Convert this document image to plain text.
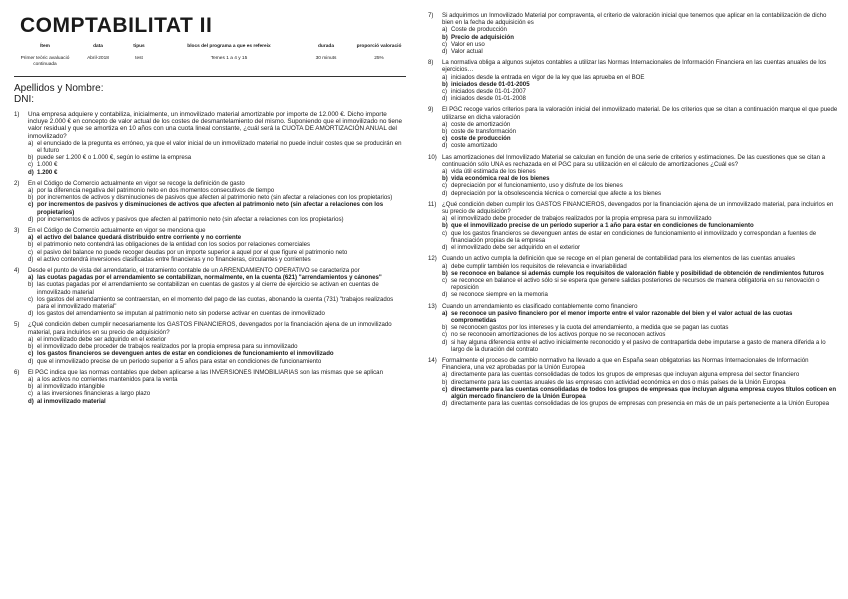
COMPTABILITAT II
Ítem	data	tipus	blocs del programa a que es refereix	durada	proporció valoració
Primer teòric avaluació continuada	Abril-2018	test	Temes 1 a 4 y 15	30 minuts	25%
Apellidos y Nombre:
DNI:
1)	Una empresa adquiere y contabiliza, inicialmente, un inmovilizado material amortizable por importe de 12.000 €. Dicho importe incluye 2.000 € en concepto de valor actual de los costes de desmantelamiento del mismo. Suponiendo que el inmovilizado no tiene valor residual y que se amortiza en 10 años con una cuota lineal constante, ¿cuál será la CUOTA DE AMORTIZACIÓN ANUAL del inmovilizado?
a) el enunciado de la pregunta es erróneo, ya que el valor inicial de un inmovilizado material no puede incluir costes que se producirán en el futuro
b) puede ser 1.200 € o 1.000 €, según lo estime la empresa
c) 1.000 €
d) 1.200 €
2)	En el Código de Comercio actualmente en vigor se recoge la definición de gasto
a) por la diferencia negativa del patrimonio neto en dos momentos consecutivos de tiempo
b) por incrementos de activos y disminuciones de pasivos que afecten al patrimonio neto (sin afectar a relaciones con los propietarios)
c) por incrementos de pasivos y disminuciones de activos que afecten al patrimonio neto (sin afectar a relaciones con los propietarios)
d) por incrementos de activos y pasivos que afecten al patrimonio neto (sin afectar a relaciones con los propietarios)
3)	En el Código de Comercio actualmente en vigor se menciona que
a) el activo del balance quedará distribuido entre corriente y no corriente
b) el patrimonio neto contendrá las obligaciones de la entidad con los socios por relaciones comerciales
c) el pasivo del balance no puede recoger deudas por un importe superior a aquel por el que figure el patrimonio neto
d) el activo contendrá inversiones clasificadas entre financieras y no financieras, circulantes y corrientes
4)	Desde el punto de vista del arrendatario, el tratamiento contable de un ARRENDAMIENTO OPERATIVO se caracteriza por
a) las cuotas pagadas por el arrendamiento se contabilizan, normalmente, en la cuenta (621) "arrendamientos y cánones"
b) las cuotas pagadas por el arrendamiento se contabilizan en cuentas de gastos y al cierre de ejercicio se activan en cuentas de inmovilizado material
c) los gastos del arrendamiento se contraerstan, en el momento del pago de las cuotas, abonando la cuenta (731) "trabajos realizados para el inmovilizado material"
d) los gastos del arrendamiento se imputan al patrimonio neto sin poderse activar en cuentas de inmovilizado
5)	¿Qué condición deben cumplir necesariamente los GASTOS FINANCIEROS, devengados por la financiación ajena de un inmovilizado material, para incluirlos en su precio de adquisición?
a) el inmovilizado debe ser adquirido en el exterior
b) el inmovilizado debe proceder de trabajos realizados por la propia empresa para su inmovilizado
c) los gastos financieros se devenguen antes de estar en condiciones de funcionamiento el inmovilizado
d) que el inmovilizado precise de un período superior a 5 años para estar en condiciones de funcionamiento
6)	El PGC indica que las normas contables que deben aplicarse a las INVERSIONES INMOBILIARIAS son las mismas que se aplican
a) a los activos no corrientes mantenidos para la venta
b) al inmovilizado intangible
c) a las inversiones financieras a largo plazo
d) al inmovilizado material
7)	Si adquirimos un Inmovilizado Material por compraventa, el criterio de valoración inicial que tenemos que aplicar en la contabilización de dicho bien en la fecha de adquisición es
a) Coste de producción
b) Precio de adquisición
c) Valor en uso
d) Valor actual
8)	La normativa obliga a algunos sujetos contables a utilizar las Normas Internacionales de Información Financiera en las cuentas anuales de los ejercicios…
a) iniciados desde la entrada en vigor de la ley que las aprueba en el BOE
b) iniciados desde 01-01-2005
c) iniciados desde 01-01-2007
d) iniciados desde 01-01-2008
9)	El PGC recoge varios criterios para la valoración inicial del inmovilizado material. De los criterios que se citan a continuación marque el que puede utilizarse en dicha valoración
a) coste de amortización
b) coste de transformación
c) coste de producción
d) coste amortizado
10) Las amortizaciones del Inmovilizado Material se calculan en función de una serie de criterios y estimaciones. De las cuestiones que se citan a continuación sólo UNA es rechazada en el PGC para su utilización en el cálculo de amortizaciones ¿Cuál es?
a) vida útil estimada de los bienes
b) vida económica real de los bienes
c) depreciación por el funcionamiento, uso y disfrute de los bienes
d) depreciación por la obsolescencia técnica o comercial que afecte a los bienes
11) ¿Qué condición deben cumplir los GASTOS FINANCIEROS, devengados por la financiación ajena de un inmovilizado material, para incluirlos en su precio de adquisición?
a) el inmovilizado debe proceder de trabajos realizados por la propia empresa para su inmovilizado
b) que el inmovilizado precise de un período superior a 1 año para estar en condiciones de funcionamiento
c) que los gastos financieros se devenguen antes de estar en condiciones de funcionamiento el inmovilizado y correspondan a fuentes de financiación propias de la empresa
d) el inmovilizado debe ser adquirido en el exterior
12) Cuando un activo cumpla la definición que se recoge en el plan general de contabilidad para los elementos de las cuentas anuales
a) debe cumplir también los requisitos de relevancia e invariabilidad
b) se reconoce en balance si además cumple los requisitos de valoración fiable y posibilidad de obtención de rendimientos futuros
c) se reconoce en balance el activo sólo si se espera que genere salidas posteriores de recursos de manera obligatoria en su renovación o reposición
d) se reconoce siempre en la memoria
13) Cuando un arrendamiento es clasificado contablemente como financiero
a) se reconoce un pasivo financiero por el menor importe entre el valor razonable del bien y el valor actual de las cuotas comprometidas
b) se reconocen gastos por los intereses y la cuota del arrendamiento, a medida que se pagan las cuotas
c) no se reconocen amortizaciones de los activos porque no se reconocen activos
d) si hay alguna diferencia entre el activo inicialmente reconocido y el pasivo de contrapartida debe imputarse a gasto de manera diferida a lo largo de la duración del contrato
14) Formalmente el proceso de cambio normativo ha llevado a que en España sean obligatorias las Normas Internacionales de Información Financiera, una vez aprobadas por la Unión Europea
a) directamente para las cuentas consolidadas de todos los grupos de empresas que incluyan alguna empresa del sector financiero
b) directamente para las cuentas anuales de las empresas con actividad económica en dos o más países de la Unión Europea
c) directamente para las cuentas consolidadas de todos los grupos de empresas que incluyan alguna empresa cuyos títulos coticen en algún mercado financiero de la Unión Europea
d) directamente para las cuentas consolidadas de los grupos de empresas con presencia en más de un país perteneciente a la Unión Europea
